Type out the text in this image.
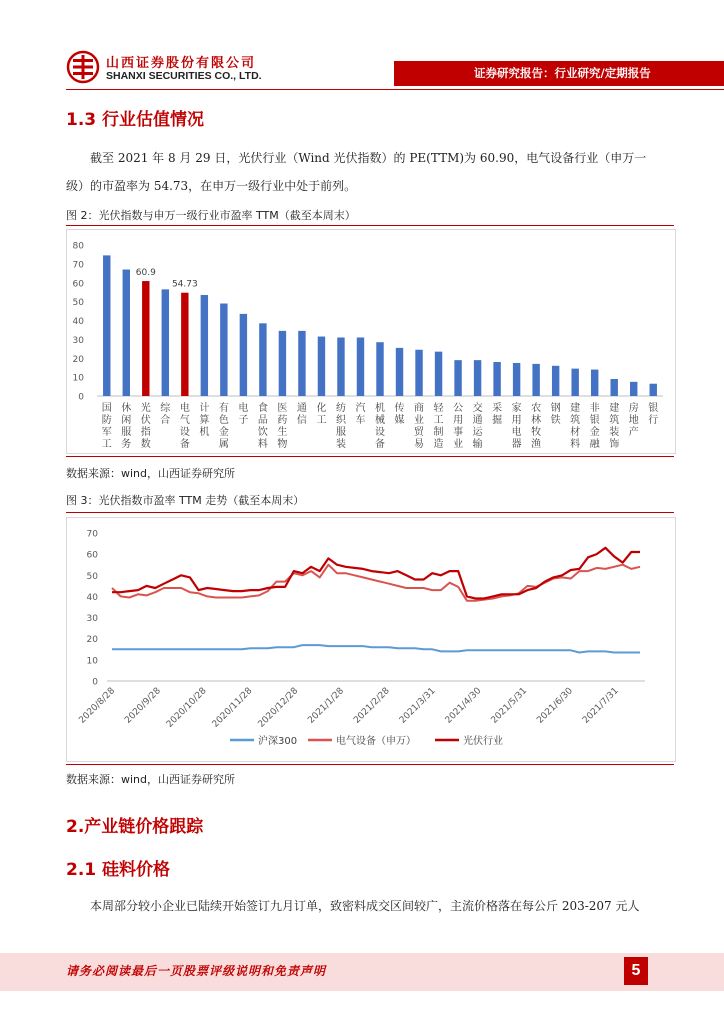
山西证券股份有限公司
SHANXI SECURITIES CO., LTD.	证券研究报告：行业研究/定期报告
1.3 行业估值情况
截至 2021 年 8 月 29 日，光伏行业（Wind 光伏指数）的 PE(TTM)为 60.90，电气设备行业（申万一级）的市盈率为 54.73，在申万一级行业中处于前列。
图 2：光伏指数与申万一级行业市盈率 TTM（截至本周末）
0
10
20
30
40
50
60
70
80
国防军工
休闲服务
光伏指数
综合
电气设备
计算机
有色金属
电子
食品饮料
医药生物
通信
化工
纺织服装
汽车
机械设备
传媒
商业贸易
轻工制造
公用事业
交通运输
采掘
家用电器
农林牧渔
钢铁
建筑材料
非银金融
建筑装饰
房地产
银行
60.9
54.73
数据来源：wind，山西证券研究所
图 3：光伏指数市盈率 TTM 走势（截至本周末）
0
10
20
30
40
50
60
70
2020/8/28 2020/9/28 2020/10/28 2020/11/28 2020/12/28 2021/1/28 2021/2/28 2021/3/31 2021/4/30 2021/5/31 2021/6/30 2021/7/31
沪深300	电气设备（申万）	光伏行业
数据来源：wind，山西证券研究所
2.产业链价格跟踪
2.1 硅料价格
本周部分较小企业已陆续开始签订九月订单，致密料成交区间较广，主流价格落在每公斤 203-207 元人
请务必阅读最后一页股票评级说明和免责声明	5
